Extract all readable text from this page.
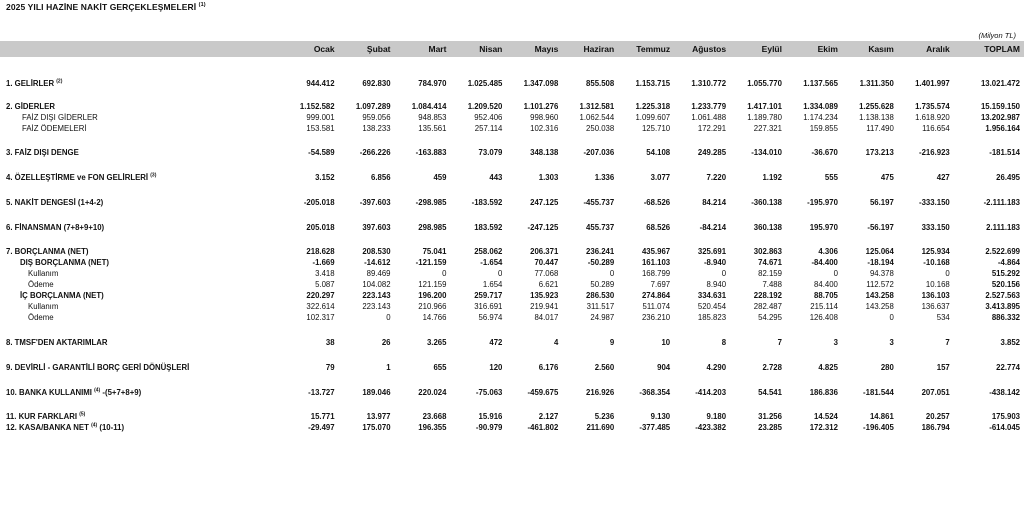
2025 YILI HAZİNE NAKİT GERÇEKLEŞMELERİ $^{(1)}$
(Milyon TL)
	Ocak	Şubat	Mart	Nisan	Mayıs	Haziran	Temmuz	Ağustos	Eylül	Ekim	Kasım	Aralık	TOPLAM

1. GELİRLER $^{(2)}$	944.412	692.830	784.970	1.025.485	1.347.098	855.508	1.153.715	1.310.772	1.055.770	1.137.565	1.311.350	1.401.997	13.021.472

2. GİDERLER	1.152.582	1.097.289	1.084.414	1.209.520	1.101.276	1.312.581	1.225.318	1.233.779	1.417.101	1.334.089	1.255.628	1.735.574	15.159.150
FAİZ DIŞI GİDERLER	999.001	959.056	948.853	952.406	998.960	1.062.544	1.099.607	1.061.488	1.189.780	1.174.234	1.138.138	1.618.920	13.202.987
FAİZ ÖDEMELERİ	153.581	138.233	135.561	257.114	102.316	250.038	125.710	172.291	227.321	159.855	117.490	116.654	1.956.164

3. FAİZ DIŞI DENGE	-54.589	-266.226	-163.883	73.079	348.138	-207.036	54.108	249.285	-134.010	-36.670	173.213	-216.923	-181.514

4. ÖZELLEŞTİRME ve FON GELİRLERİ $^{(3)}$	3.152	6.856	459	443	1.303	1.336	3.077	7.220	1.192	555	475	427	26.495

5. NAKİT DENGESİ (1+4-2)	-205.018	-397.603	-298.985	-183.592	247.125	-455.737	-68.526	84.214	-360.138	-195.970	56.197	-333.150	-2.111.183

6. FİNANSMAN (7+8+9+10)	205.018	397.603	298.985	183.592	-247.125	455.737	68.526	-84.214	360.138	195.970	-56.197	333.150	2.111.183

7. BORÇLANMA (NET)	218.628	208.530	75.041	258.062	206.371	236.241	435.967	325.691	302.863	4.306	125.064	125.934	2.522.699
DIŞ BORÇLANMA (NET)	-1.669	-14.612	-121.159	-1.654	70.447	-50.289	161.103	-8.940	74.671	-84.400	-18.194	-10.168	-4.864
Kullanım	3.418	89.469	0	0	77.068	0	168.799	0	82.159	0	94.378	0	515.292
Ödeme	5.087	104.082	121.159	1.654	6.621	50.289	7.697	8.940	7.488	84.400	112.572	10.168	520.156
İÇ BORÇLANMA (NET)	220.297	223.143	196.200	259.717	135.923	286.530	274.864	334.631	228.192	88.705	143.258	136.103	2.527.563
Kullanım	322.614	223.143	210.966	316.691	219.941	311.517	511.074	520.454	282.487	215.114	143.258	136.637	3.413.895
Ödeme	102.317	0	14.766	56.974	84.017	24.987	236.210	185.823	54.295	126.408	0	534	886.332

8. TMSF'DEN AKTARIMLAR	38	26	3.265	472	4	9	10	8	7	3	3	7	3.852

9. DEVİRLİ - GARANTİLİ BORÇ GERİ DÖNÜŞLERİ	79	1	655	120	6.176	2.560	904	4.290	2.728	4.825	280	157	22.774

10. BANKA KULLANIMI $^{(4)}$ -(5+7+8+9)	-13.727	189.046	220.024	-75.063	-459.675	216.926	-368.354	-414.203	54.541	186.836	-181.544	207.051	-438.142

11. KUR FARKLARI $^{(5)}$	15.771	13.977	23.668	15.916	2.127	5.236	9.130	9.180	31.256	14.524	14.861	20.257	175.903
12. KASA/BANKA NET $^{(4)}$ (10-11)	-29.497	175.070	196.355	-90.979	-461.802	211.690	-377.485	-423.382	23.285	172.312	-196.405	186.794	-614.045
